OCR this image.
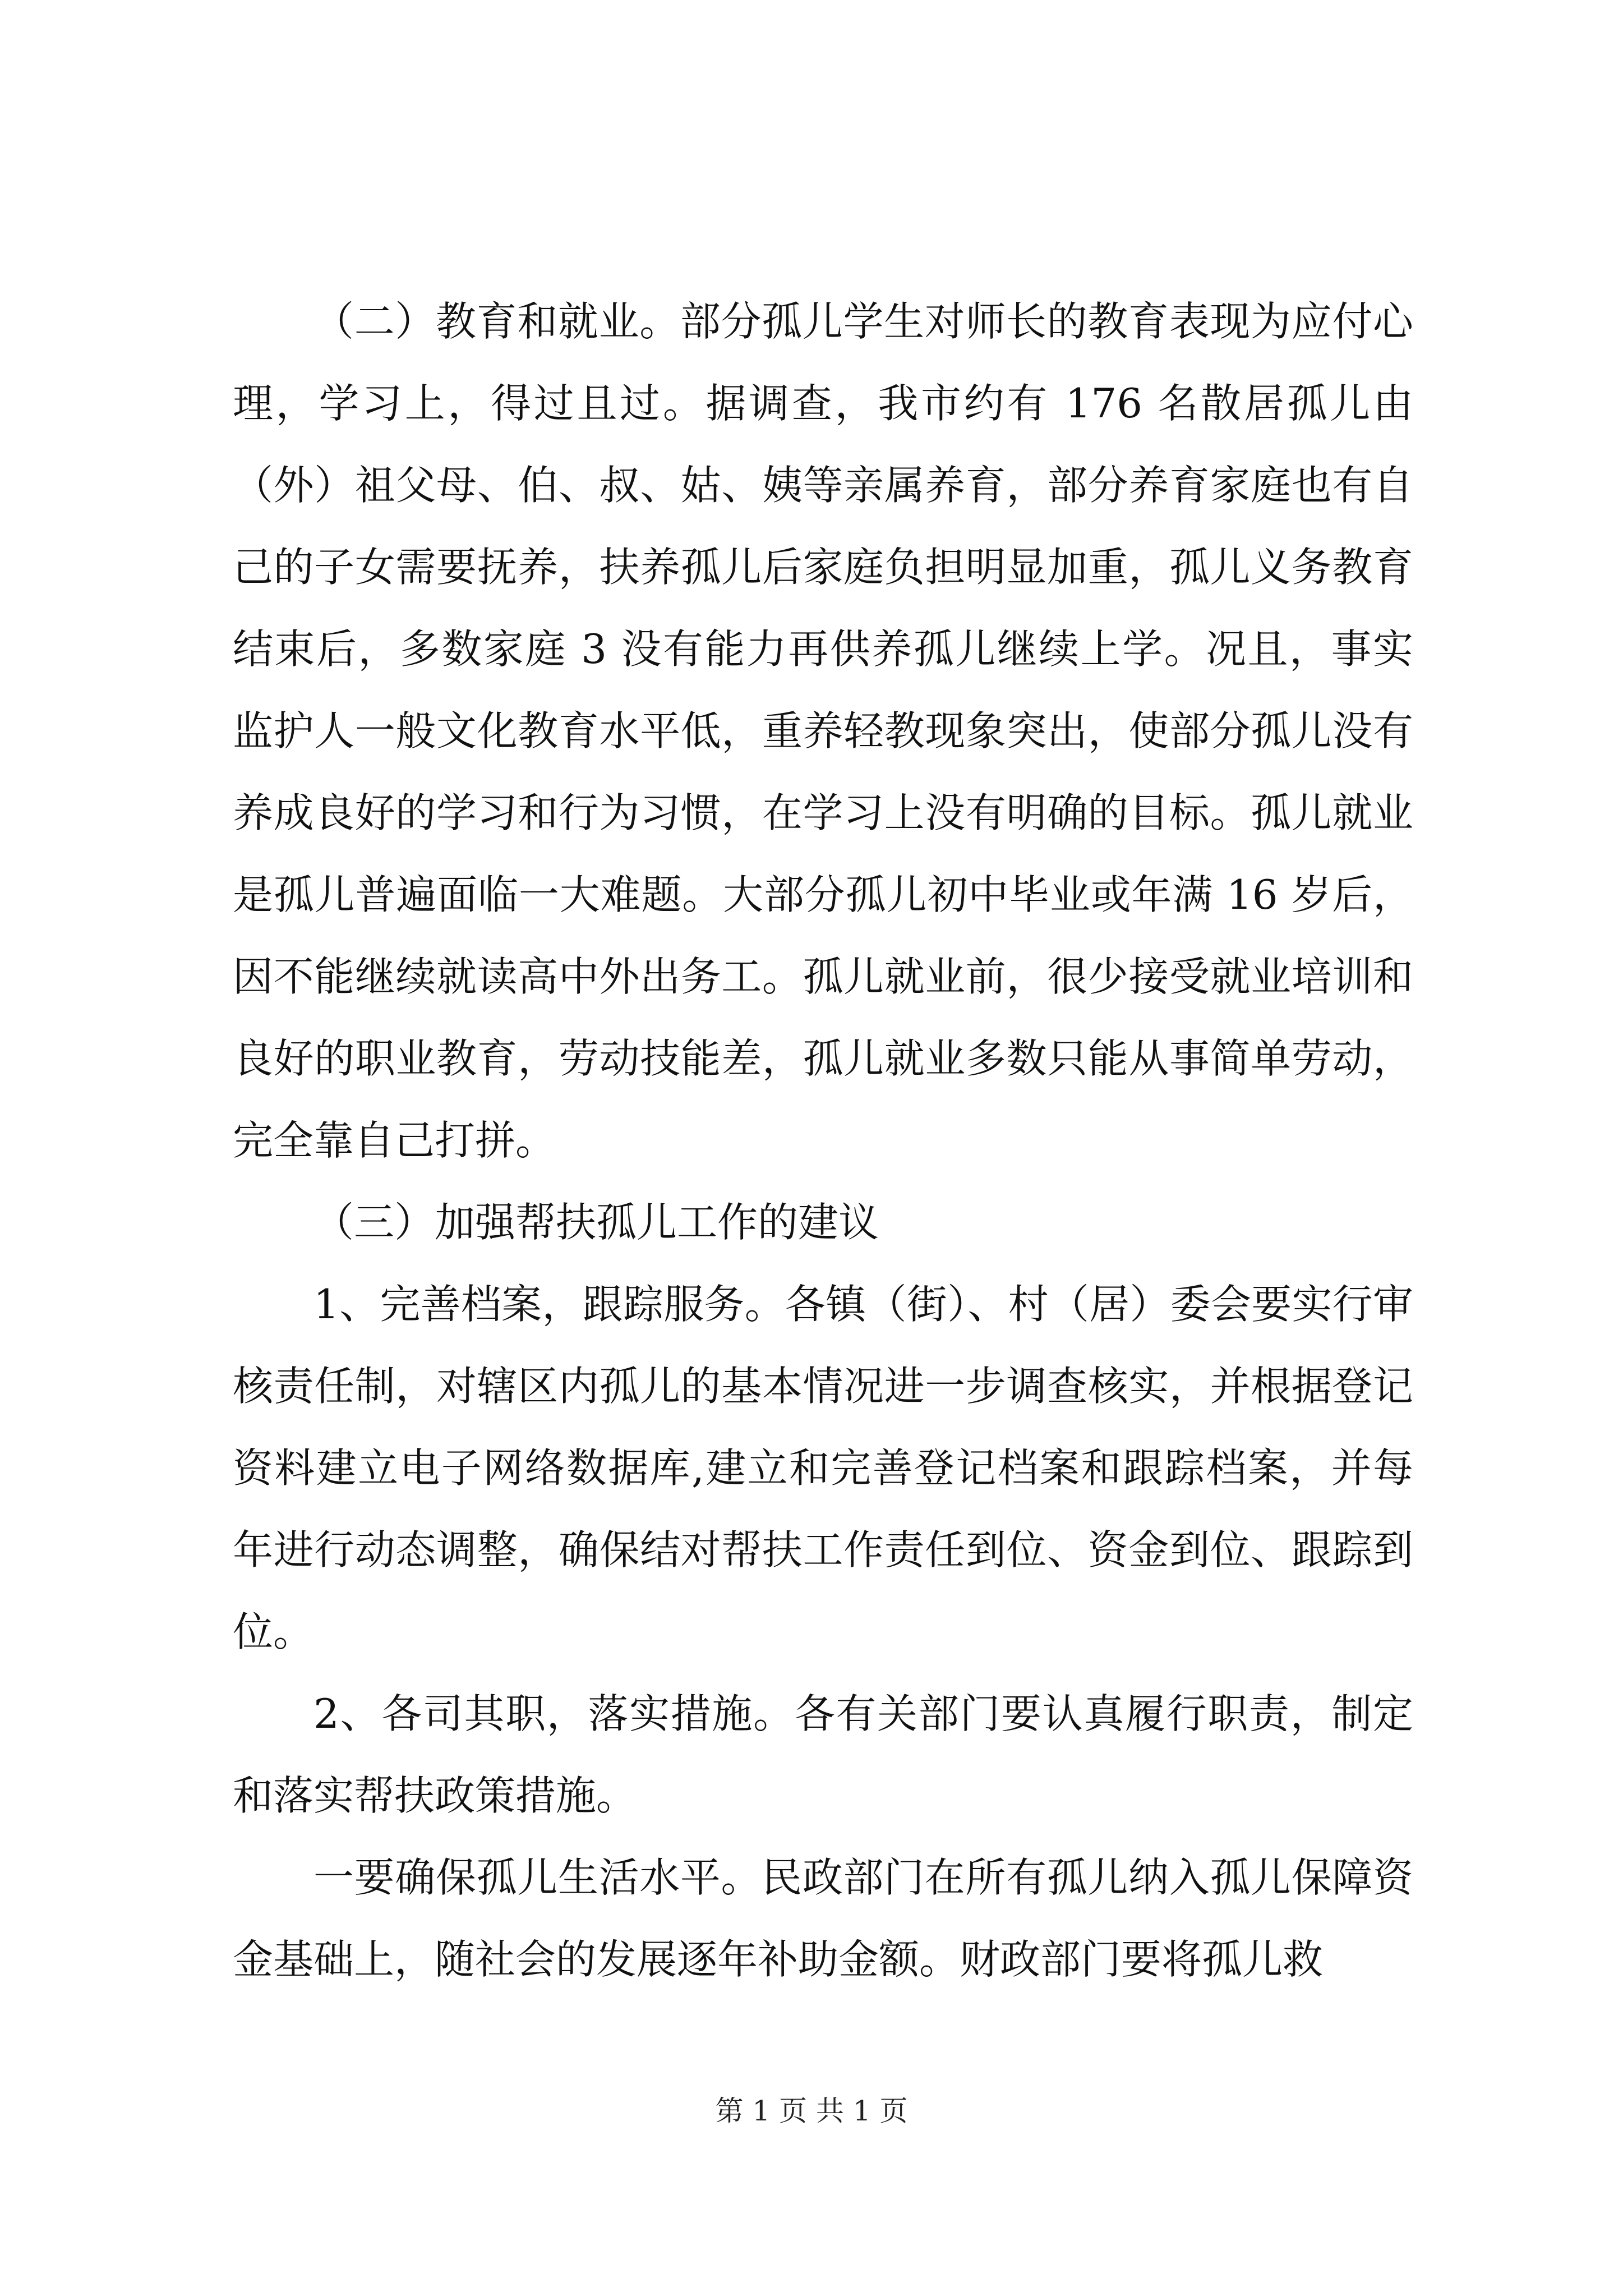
（二）教育和就业。部分孤儿学生对师长的教育表现为应付心理，学习上，得过且过。据调查，我市约有 176 名散居孤儿由（外）祖父母、伯、叔、姑、姨等亲属养育，部分养育家庭也有自己的子女需要抚养，扶养孤儿后家庭负担明显加重，孤儿义务教育结束后，多数家庭 3 没有能力再供养孤儿继续上学。况且，事实监护人一般文化教育水平低，重养轻教现象突出，使部分孤儿没有养成良好的学习和行为习惯，在学习上没有明确的目标。孤儿就业是孤儿普遍面临一大难题。大部分孤儿初中毕业或年满 16 岁后，因不能继续就读高中外出务工。孤儿就业前，很少接受就业培训和良好的职业教育，劳动技能差，孤儿就业多数只能从事简单劳动，完全靠自己打拼。

（三）加强帮扶孤儿工作的建议

1、完善档案，跟踪服务。各镇（街）、村（居）委会要实行审核责任制，对辖区内孤儿的基本情况进一步调查核实，并根据登记资料建立电子网络数据库,建立和完善登记档案和跟踪档案，并每年进行动态调整，确保结对帮扶工作责任到位、资金到位、跟踪到位。

2、各司其职，落实措施。各有关部门要认真履行职责，制定和落实帮扶政策措施。

一要确保孤儿生活水平。民政部门在所有孤儿纳入孤儿保障资金基础上，随社会的发展逐年补助金额。财政部门要将孤儿救

第 1 页 共 1 页
